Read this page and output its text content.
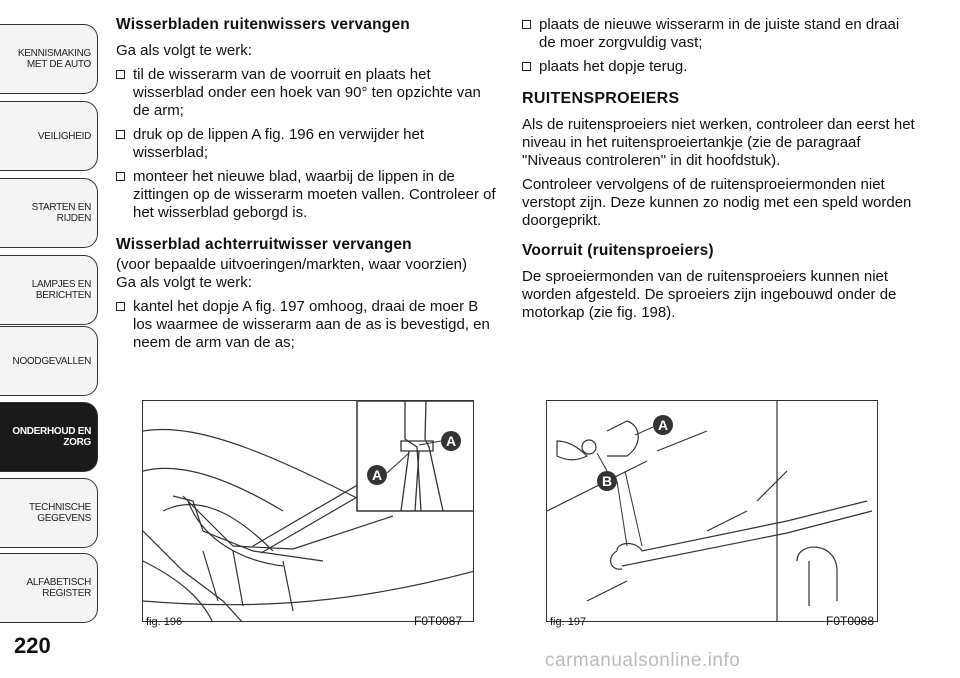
KENNISMAKING
MET DE AUTO
VEILIGHEID
STARTEN EN RIJDEN
LAMPJES EN
BERICHTEN
NOODGEVALLEN
ONDERHOUD EN
ZORG
TECHNISCHE
GEGEVENS
ALFABETISCH
REGISTER
220
Wisserbladen ruitenwissers vervangen

Ga als volgt te werk:

til de wisserarm van de voorruit en plaats het wisserblad onder een hoek van 90° ten opzichte van de arm;
druk op de lippen A fig. 196 en verwijder het wisserblad;
monteer het nieuwe blad, waarbij de lippen in de zittingen op de wisserarm moeten vallen. Controleer of het wisserblad geborgd is.
Wisserblad achterruitwisser vervangen

(voor bepaalde uitvoeringen/markten, waar voorzien)

Ga als volgt te werk:

kantel het dopje A fig. 197 omhoog, draai de moer B los waarmee de wisserarm aan de as is bevestigd, en neem de arm van de as;
plaats de nieuwe wisserarm in de juiste stand en draai de moer zorgvuldig vast;
plaats het dopje terug.
RUITENSPROEIERS

Als de ruitensproeiers niet werken, controleer dan eerst het niveau in het ruitensproeiertankje (zie de paragraaf "Niveaus controleren" in dit hoofdstuk).

Controleer vervolgens of de ruitensproeiermonden niet verstopt zijn. Deze kunnen zo nodig met een speld worden doorgeprikt.

Voorruit (ruitensproeiers)

De sproeiermonden van de ruitensproeiers kunnen niet worden afgesteld. De sproeiers zijn ingebouwd onder de motorkap (zie fig. 198).

A
A
fig. 196	F0T0087
A
B
fig. 197	F0T0088
carmanualsonline.info
